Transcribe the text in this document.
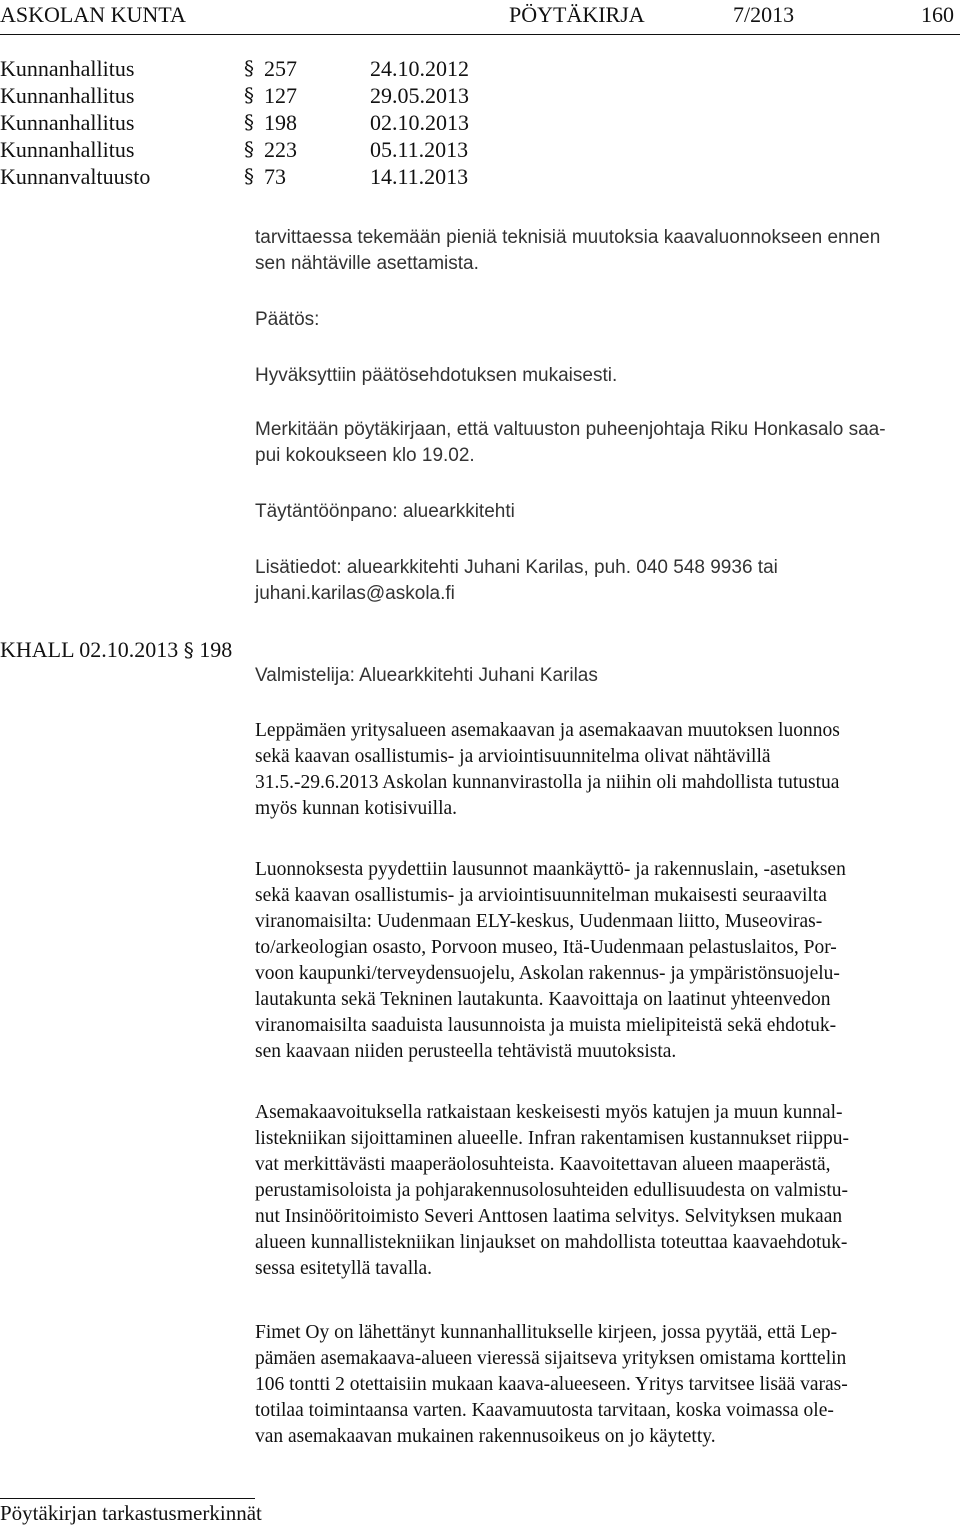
ASKOLAN KUNTA	PÖYTÄKIRJA	7/2013	160
Kunnanhallitus	§ 257	24.10.2012
Kunnanhallitus	§ 127	29.05.2013
Kunnanhallitus	§ 198	02.10.2013
Kunnanhallitus	§ 223	05.11.2013
Kunnanvaltuusto	§ 73	14.11.2013
tarvittaessa tekemään pieniä teknisiä muutoksia kaavaluonnokseen ennen
sen nähtäville asettamista.
Päätös:
Hyväksyttiin päätösehdotuksen mukaisesti.
Merkitään pöytäkirjaan, että valtuuston puheenjohtaja Riku Honkasalo saa-
pui kokoukseen klo 19.02.
Täytäntöönpano: aluearkkitehti
Lisätiedot: aluearkkitehti Juhani Karilas, puh. 040 548 9936 tai
juhani.karilas@askola.fi
KHALL 02.10.2013 § 198
Valmistelija: Aluearkkitehti Juhani Karilas
Leppämäen yritysalueen asemakaavan ja asemakaavan muutoksen luonnos
sekä kaavan osallistumis- ja arviointisuunnitelma olivat nähtävillä
31.5.-29.6.2013 Askolan kunnanvirastolla ja niihin oli mahdollista tutustua
myös kunnan kotisivuilla.
Luonnoksesta pyydettiin lausunnot maankäyttö- ja rakennuslain, -asetuksen
sekä kaavan osallistumis- ja arviointisuunnitelman mukaisesti seuraavilta
viranomaisilta: Uudenmaan ELY-keskus, Uudenmaan liitto, Museoviras-
to/arkeologian osasto, Porvoon museo, Itä-Uudenmaan pelastuslaitos, Por-
voon kaupunki/terveydensuojelu, Askolan rakennus- ja ympäristönsuojelu-
lautakunta sekä Tekninen lautakunta. Kaavoittaja on laatinut yhteenvedon
viranomaisilta saaduista lausunnoista ja muista mielipiteistä sekä ehdotuk-
sen kaavaan niiden perusteella tehtävistä muutoksista.
Asemakaavoituksella ratkaistaan keskeisesti myös katujen ja muun kunnal-
listekniikan sijoittaminen alueelle. Infran rakentamisen kustannukset riippu-
vat merkittävästi maaperäolosuhteista. Kaavoitettavan alueen maaperästä,
perustamisoloista ja pohjarakennusolosuhteiden edullisuudesta on valmistu-
nut Insinööritoimisto Severi Anttosen laatima selvitys. Selvityksen mukaan
alueen kunnallistekniikan linjaukset on mahdollista toteuttaa kaavaehdotuk-
sessa esitetyllä tavalla.
Fimet Oy on lähettänyt kunnanhallitukselle kirjeen, jossa pyytää, että Lep-
pämäen asemakaava-alueen vieressä sijaitseva yrityksen omistama korttelin
106 tontti 2 otettaisiin mukaan kaava-alueeseen. Yritys tarvitsee lisää varas-
totilaa toimintaansa varten. Kaavamuutosta tarvitaan, koska voimassa ole-
van asemakaavan mukainen rakennusoikeus on jo käytetty.
Pöytäkirjan tarkastusmerkinnät
